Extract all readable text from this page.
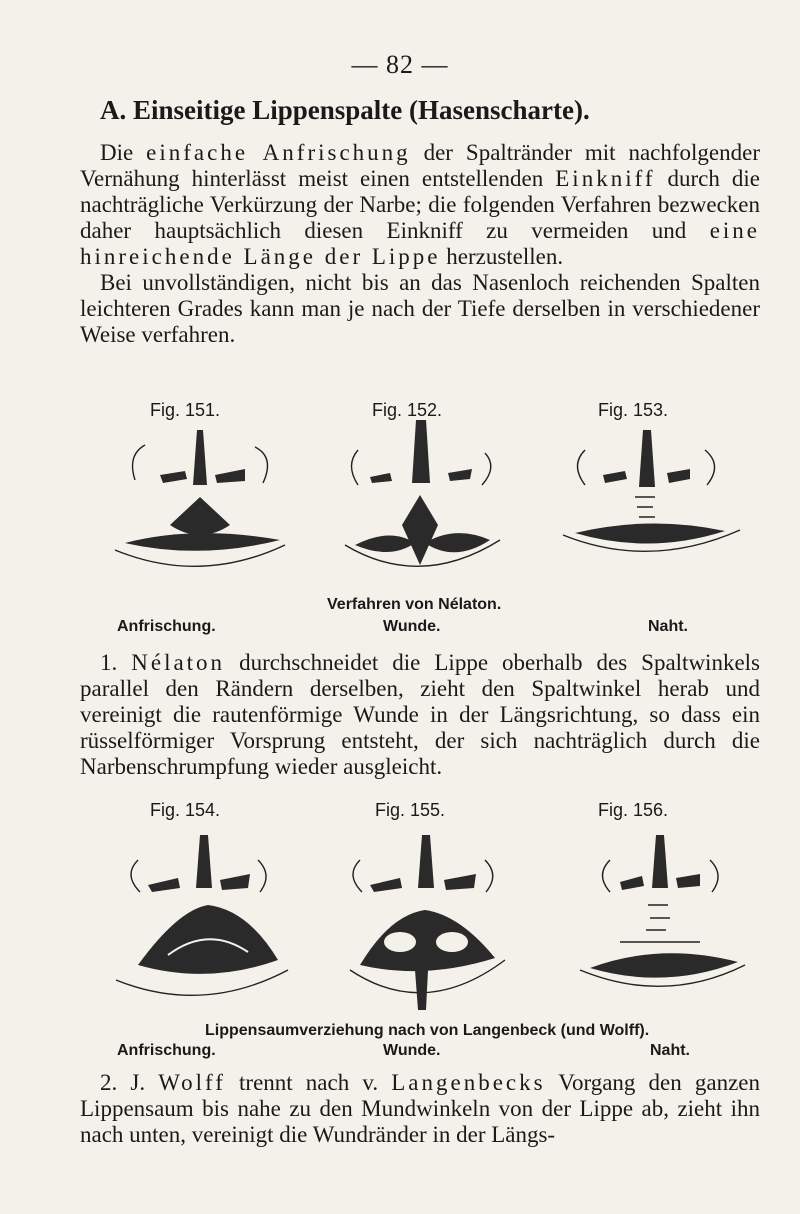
— 82 —
A. Einseitige Lippenspalte (Hasenscharte).

Die einfache Anfrischung der Spaltränder mit nachfolgender Vernähung hinterlässt meist einen entstellenden Einkniff durch die nachträgliche Verkürzung der Narbe; die folgenden Verfahren bezwecken daher hauptsächlich diesen Einkniff zu vermeiden und eine hinreichende Länge der Lippe herzustellen.

Bei unvollständigen, nicht bis an das Nasenloch reichenden Spalten leichteren Grades kann man je nach der Tiefe derselben in verschiedener Weise verfahren.

Fig. 151.	Fig. 152.	Fig. 153.
Verfahren von Nélaton.
Anfrischung.	Wunde.	Naht.

1. Nélaton durchschneidet die Lippe oberhalb des Spaltwinkels parallel den Rändern derselben, zieht den Spaltwinkel herab und vereinigt die rautenförmige Wunde in der Längsrichtung, so dass ein rüsselförmiger Vorsprung entsteht, der sich nachträglich durch die Narbenschrumpfung wieder ausgleicht.

Fig. 154.	Fig. 155.	Fig. 156.
Lippensaumverziehung nach von Langenbeck (und Wolff).
Anfrischung.	Wunde.	Naht.

2. J. Wolff trennt nach v. Langenbecks Vorgang den ganzen Lippensaum bis nahe zu den Mundwinkeln von der Lippe ab, zieht ihn nach unten, vereinigt die Wundränder in der Längs-
